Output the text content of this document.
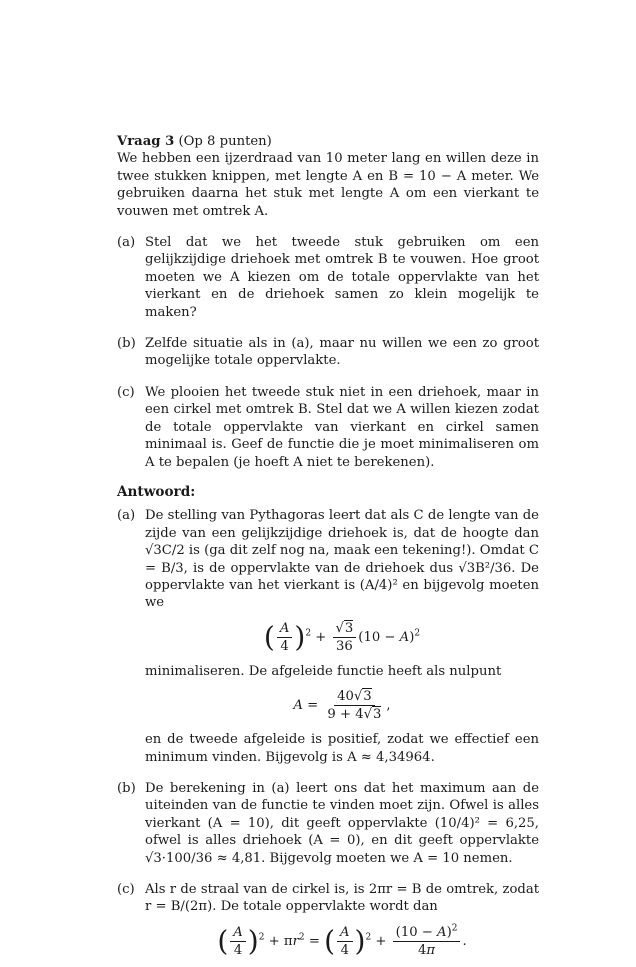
Vraag 3 (Op 8 punten)
We hebben een ijzerdraad van 10 meter lang en willen deze in twee stukken knippen, met lengte A en B = 10 − A meter. We gebruiken daarna het stuk met lengte A om een vierkant te vouwen met omtrek A.

(a) Stel dat we het tweede stuk gebruiken om een gelijkzijdige driehoek met omtrek B te vouwen. Hoe groot moeten we A kiezen om de totale oppervlakte van het vierkant en de driehoek samen zo klein mogelijk te maken?
(b) Zelfde situatie als in (a), maar nu willen we een zo groot mogelijke totale oppervlakte.
(c) We plooien het tweede stuk niet in een driehoek, maar in een cirkel met omtrek B. Stel dat we A willen kiezen zodat de totale oppervlakte van vierkant en cirkel samen minimaal is. Geef de functie die je moet minimaliseren om A te bepalen (je hoeft A niet te berekenen).
Antwoord:
(a) De stelling van Pythagoras leert dat als C de lengte van de zijde van een gelijkzijdige driehoek is, dat de hoogte dan √3C/2 is (ga dit zelf nog na, maak een tekening!). Omdat C = B/3, is de oppervlakte van de driehoek dus √3B²/36. De oppervlakte van het vierkant is (A/4)² en bijgevolg moeten we
( $\frac{A}{4} )^2 + \frac{√3}{36} (10 - A)^2$
minimaliseren. De afgeleide functie heeft als nulpunt
$A = \frac{40√3}{9 + 4√3}$ ,
en de tweede afgeleide is positief, zodat we effectief een minimum vinden. Bijgevolg is A ≈ 4,34964.
(b) De berekening in (a) leert ons dat het maximum aan de uiteinden van de functie te vinden moet zijn. Ofwel is alles vierkant (A = 10), dit geeft oppervlakte (10/4)² = 6,25, ofwel is alles driehoek (A = 0), en dit geeft oppervlakte √3·100/36 ≈ 4,81. Bijgevolg moeten we A = 10 nemen.
(c) Als r de straal van de cirkel is, is 2πr = B de omtrek, zodat r = B/(2π). De totale oppervlakte wordt dan
( $\frac{A}{4} )^2 + \pi r^2$ = ( $\frac{A}{4} )^2 + \frac{(10 - A)^2}{4\pi}$ .
